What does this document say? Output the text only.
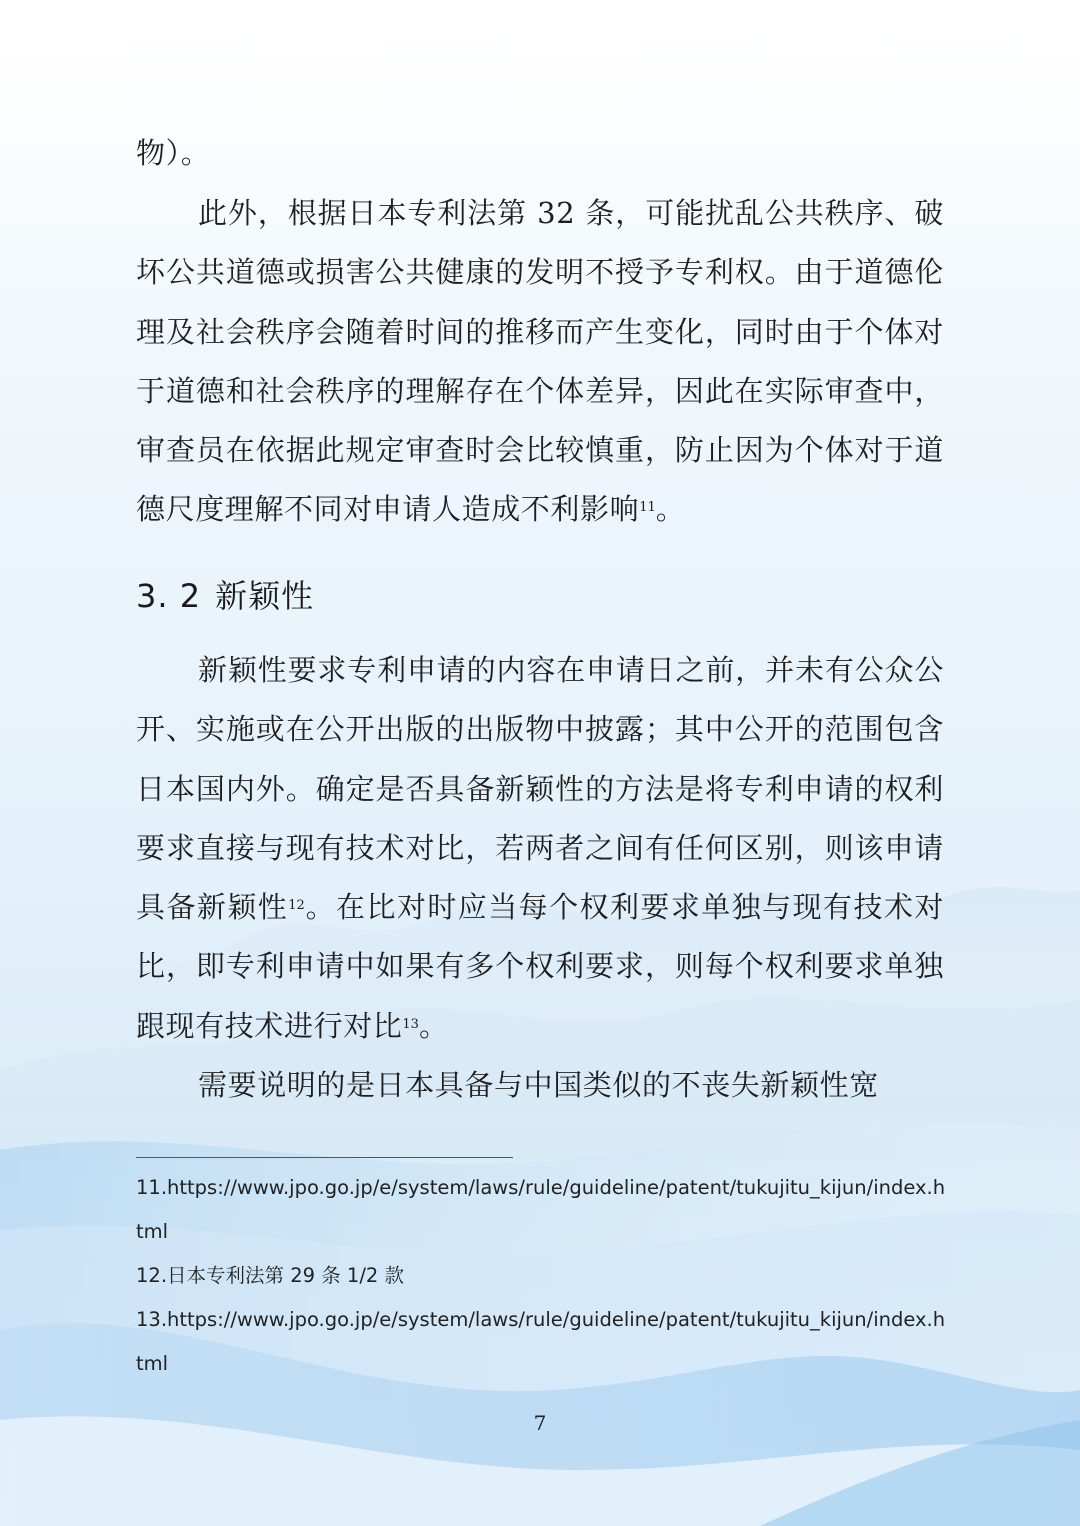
物）。

此外，根据日本专利法第 32 条，可能扰乱公共秩序、破坏公共道德或损害公共健康的发明不授予专利权。由于道德伦理及社会秩序会随着时间的推移而产生变化，同时由于个体对于道德和社会秩序的理解存在个体差异，因此在实际审查中，审查员在依据此规定审查时会比较慎重，防止因为个体对于道德尺度理解不同对申请人造成不利影响$^{11}$。

3. 2 新颖性

新颖性要求专利申请的内容在申请日之前，并未有公众公开、实施或在公开出版的出版物中披露；其中公开的范围包含日本国内外。确定是否具备新颖性的方法是将专利申请的权利要求直接与现有技术对比，若两者之间有任何区别，则该申请具备新颖性$^{12}$。在比对时应当每个权利要求单独与现有技术对比，即专利申请中如果有多个权利要求，则每个权利要求单独跟现有技术进行对比$^{13}$。

需要说明的是日本具备与中国类似的不丧失新颖性宽

11.https://www.jpo.go.jp/e/system/laws/rule/guideline/patent/tukujitu_kijun/index.html

12.日本专利法第 29 条 1/2 款

13.https://www.jpo.go.jp/e/system/laws/rule/guideline/patent/tukujitu_kijun/index.html

7
